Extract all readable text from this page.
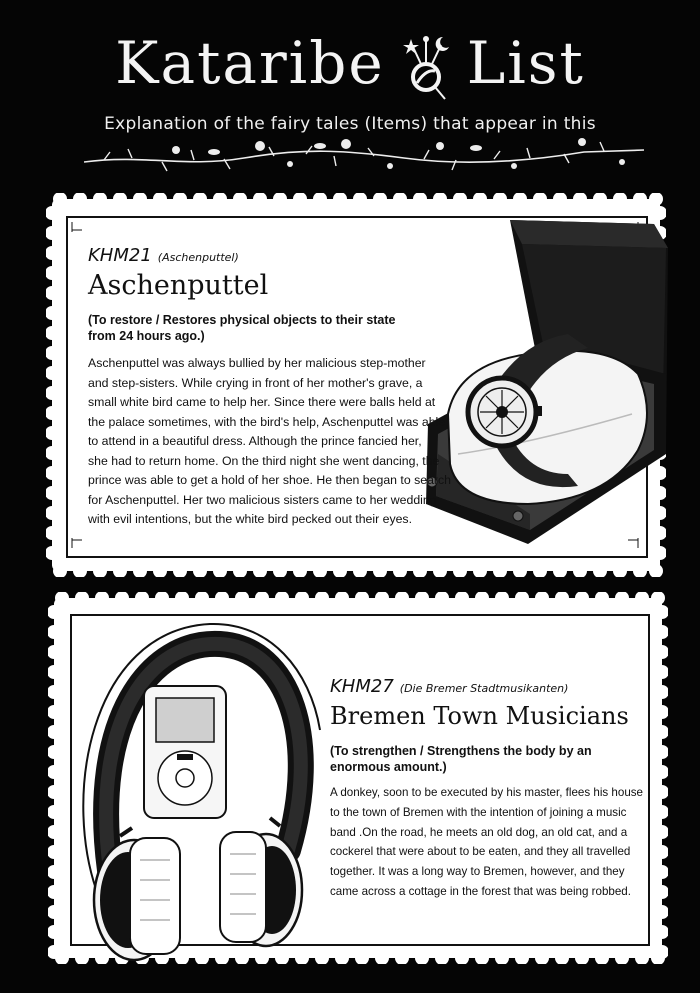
Kataribe List
Explanation of the fairy tales (Items) that appear in this
KHM21 (Aschenputtel)
Aschenputtel
(To restore / Restores physical objects to their state
from 24 hours ago.)
Aschenputtel was always bullied by her malicious step-mother
and step-sisters. While crying in front of her mother's grave, a
small white bird came to help her. Since there were balls held at
the palace sometimes, with the bird's help, Aschenputtel was able
to attend in a beautiful dress. Although the prince fancied her,
she had to return home. On the third night she went dancing, the
prince was able to get a hold of her shoe. He then began to search
for Aschenputtel. Her two malicious sisters came to her wedding
with evil intentions, but the white bird pecked out their eyes.
KHM27 (Die Bremer Stadtmusikanten)
Bremen Town Musicians
(To strengthen / Strengthens the body by an
enormous amount.)
A donkey, soon to be executed by his master, flees his house
to the town of Bremen with the intention of joining a music
band .On the road, he meets an old dog, an old cat, and a
cockerel that were about to be eaten, and they all travelled
together. It was a long way to Bremen, however, and they
came across a cottage in the forest that was being robbed.
